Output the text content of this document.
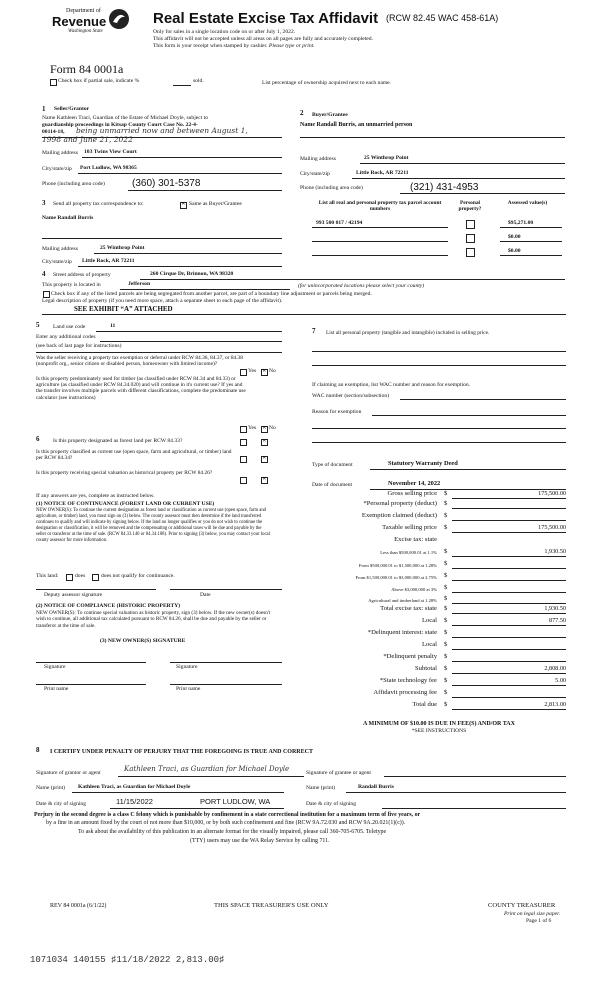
Department of
Revenue
Washington State
Real Estate Excise Tax Affidavit (RCW 82.45 WAC 458-61A)
Only for sales in a single location code on or after July 1, 2022.
This affidavit will not be accepted unless all areas on all pages are fully and accurately completed.
This form is your receipt when stamped by cashier. Please type or print.
Form 84 0001a
Check box if partial sale, indicate %	sold.	List percentage of ownership acquired next to each name.
1 Seller/Grantor
Name Kathleen Traci, Guardian of the Estate of Michael Doyle, subject to
guardianship proceedings in Kitsap County Court Case No. 22-4-
00114-18, being unmarried now and between August 1,
1998 and June 21, 2022
Mailing address 103 Twins View Court
City/state/zip Port Ludlow, WA 98365
Phone (including area code)	(360) 301-5378
2 Buyer/Grantee
Name Randall Burris, an unmarried person
Mailing address	25 Winthrop Point
City/state/zip	Little Rock, AR 72211
Phone (including area code)	(321) 431-4953
3 Send all property tax correspondence to:	✕ Same as Buyer/Grantee
Name Randall Burris
Mailing address	25 Winthrop Point
City/state/zip Little Rock, AR 72211
List all real and personal property tax parcel account numbers
Personal property?
Assessed value(s)
993 500 017 / 42194	$95,271.00
$0.00
$0.00
4 Street address of property	260 Cirque Dr, Brinnon, WA 98320
This property is located in	Jefferson	(for unincorporated locations please select your county)
Check box if any of the listed parcels are being segregated from another parcel, are part of a boundary line adjustment or parcels being merged.
Legal description of property (if you need more space, attach a separate sheet to each page of the affidavit).
SEE EXHIBIT “A” ATTACHED
5 Land use code	11
Enter any additional codes
(see back of last page for instructions)
Was the seller receiving a property tax exemption or deferral under RCW 84.36, 84.37, or 84.38 (nonprofit org., senior citizen or disabled person, homeowner with limited income)?
Yes ✕ No
Is this property predominately used for timber (as classified under RCW 84.34 and 84.33) or agriculture (as classified under RCW 84.34.020) and will continue in it's current use? If yes and the transfer involves multiple parcels with different classifications, complete the predominate use calculator (see instructions)
Yes ✕ No
6 Is this property designated as forest land per RCW 84.33?	✕
Is this property classified as current use (open space, farm and agricultural, or timber) land per RCW 84.34?	✕
Is this property receiving special valuation as historical property per RCW 84.26?
✕
If any answers are yes, complete as instructed below.
(1) NOTICE OF CONTINUANCE (FOREST LAND OR CURRENT USE)
NEW OWNER(S): To continue the current designation as forest land or classification as current use (open space, farm and agriculture, or timber) land, you must sign on (3) below. The county assessor must then determine if the land transferred continues to qualify and will indicate by signing below. If the land no longer qualifies or you do not wish to continue the designation or classification, it will be removed and the compensating or additional taxes will be due and payable by the seller or transferor at the time of sale. (RCW 84.33.140 or 84.34.108). Prior to signing (3) below, you may contact your local county assessor for more information.
This land:	does	does not qualify for continuance.
Deputy assessor signature	Date
(2) NOTICE OF COMPLIANCE (HISTORIC PROPERTY)
NEW OWNER(S): To continue special valuation as historic property, sign (3) below. If the new owner(s) doesn't wish to continue, all additional tax calculated pursuant to RCW 84.26, shall be due and payable by the seller or transferor at the time of sale.
(3) NEW OWNER(S) SIGNATURE
Signature	Signature
Print name	Print name
7	List all personal property (tangible and intangible) included in selling price.
If claiming an exemption, list WAC number and reason for exemption.
WAC number (section/subsection)
Reason for exemption
Type of document	Statutory Warranty Deed
Date of document	November 14, 2022
Gross selling price $	175,500.00
*Personal property (deduct) $
Exemption claimed (deduct) $
Taxable selling price $	175,500.00
Excise tax: state
Less than $500,000.01 at 1.1% $	1,930.50
From $500,000.01 to $1,500,000 at 1.28% $
From $1,500,000.01 to $3,000,000 at 2.75% $
Above $3,000,000 at 3% $
Agricultural and timberland at 1.28% $
Total excise tax: state $	1,930.50
Local $	877.50
*Delinquent interest: state $
Local $
*Delinquent penalty $
Subtotal $	2,808.00
*State technology fee $	5.00
Affidavit processing fee $
Total due $	2,813.00
A MINIMUM OF $10.00 IS DUE IN FEE(S) AND/OR TAX
*SEE INSTRUCTIONS
8 I CERTIFY UNDER PENALTY OF PERJURY THAT THE FOREGOING IS TRUE AND CORRECT
Signature of grantor or agent	Kathleen Traci, as Guardian for Michael Doyle	Signature of grantee or agent
Name (print) Kathleen Traci, as Guardian for Michael Doyle	Name (print)	Randall Burris
Date & city of signing	11/15/2022	PORT LUDLOW, WA	Date & city of signing
Perjury in the second degree is a class C felony which is punishable by confinement in a state correctional institution for a maximum term of five years, or
by a fine in an amount fixed by the court of not more than $10,000, or by both such confinement and fine (RCW 9A.72.030 and RCW 9A.20.021(1)(c)).
To ask about the availability of this publication in an alternate format for the visually impaired, please call 360-705-6705. Teletype
(TTY) users may use the WA Relay Service by calling 711.
REV 84 0001a (6/1/22)	THIS SPACE TREASURER'S USE ONLY	COUNTY TREASURER
Print on legal size paper.
Page 1 of 6
1071034 140155 ♯11/18/2022 2,813.00♯
